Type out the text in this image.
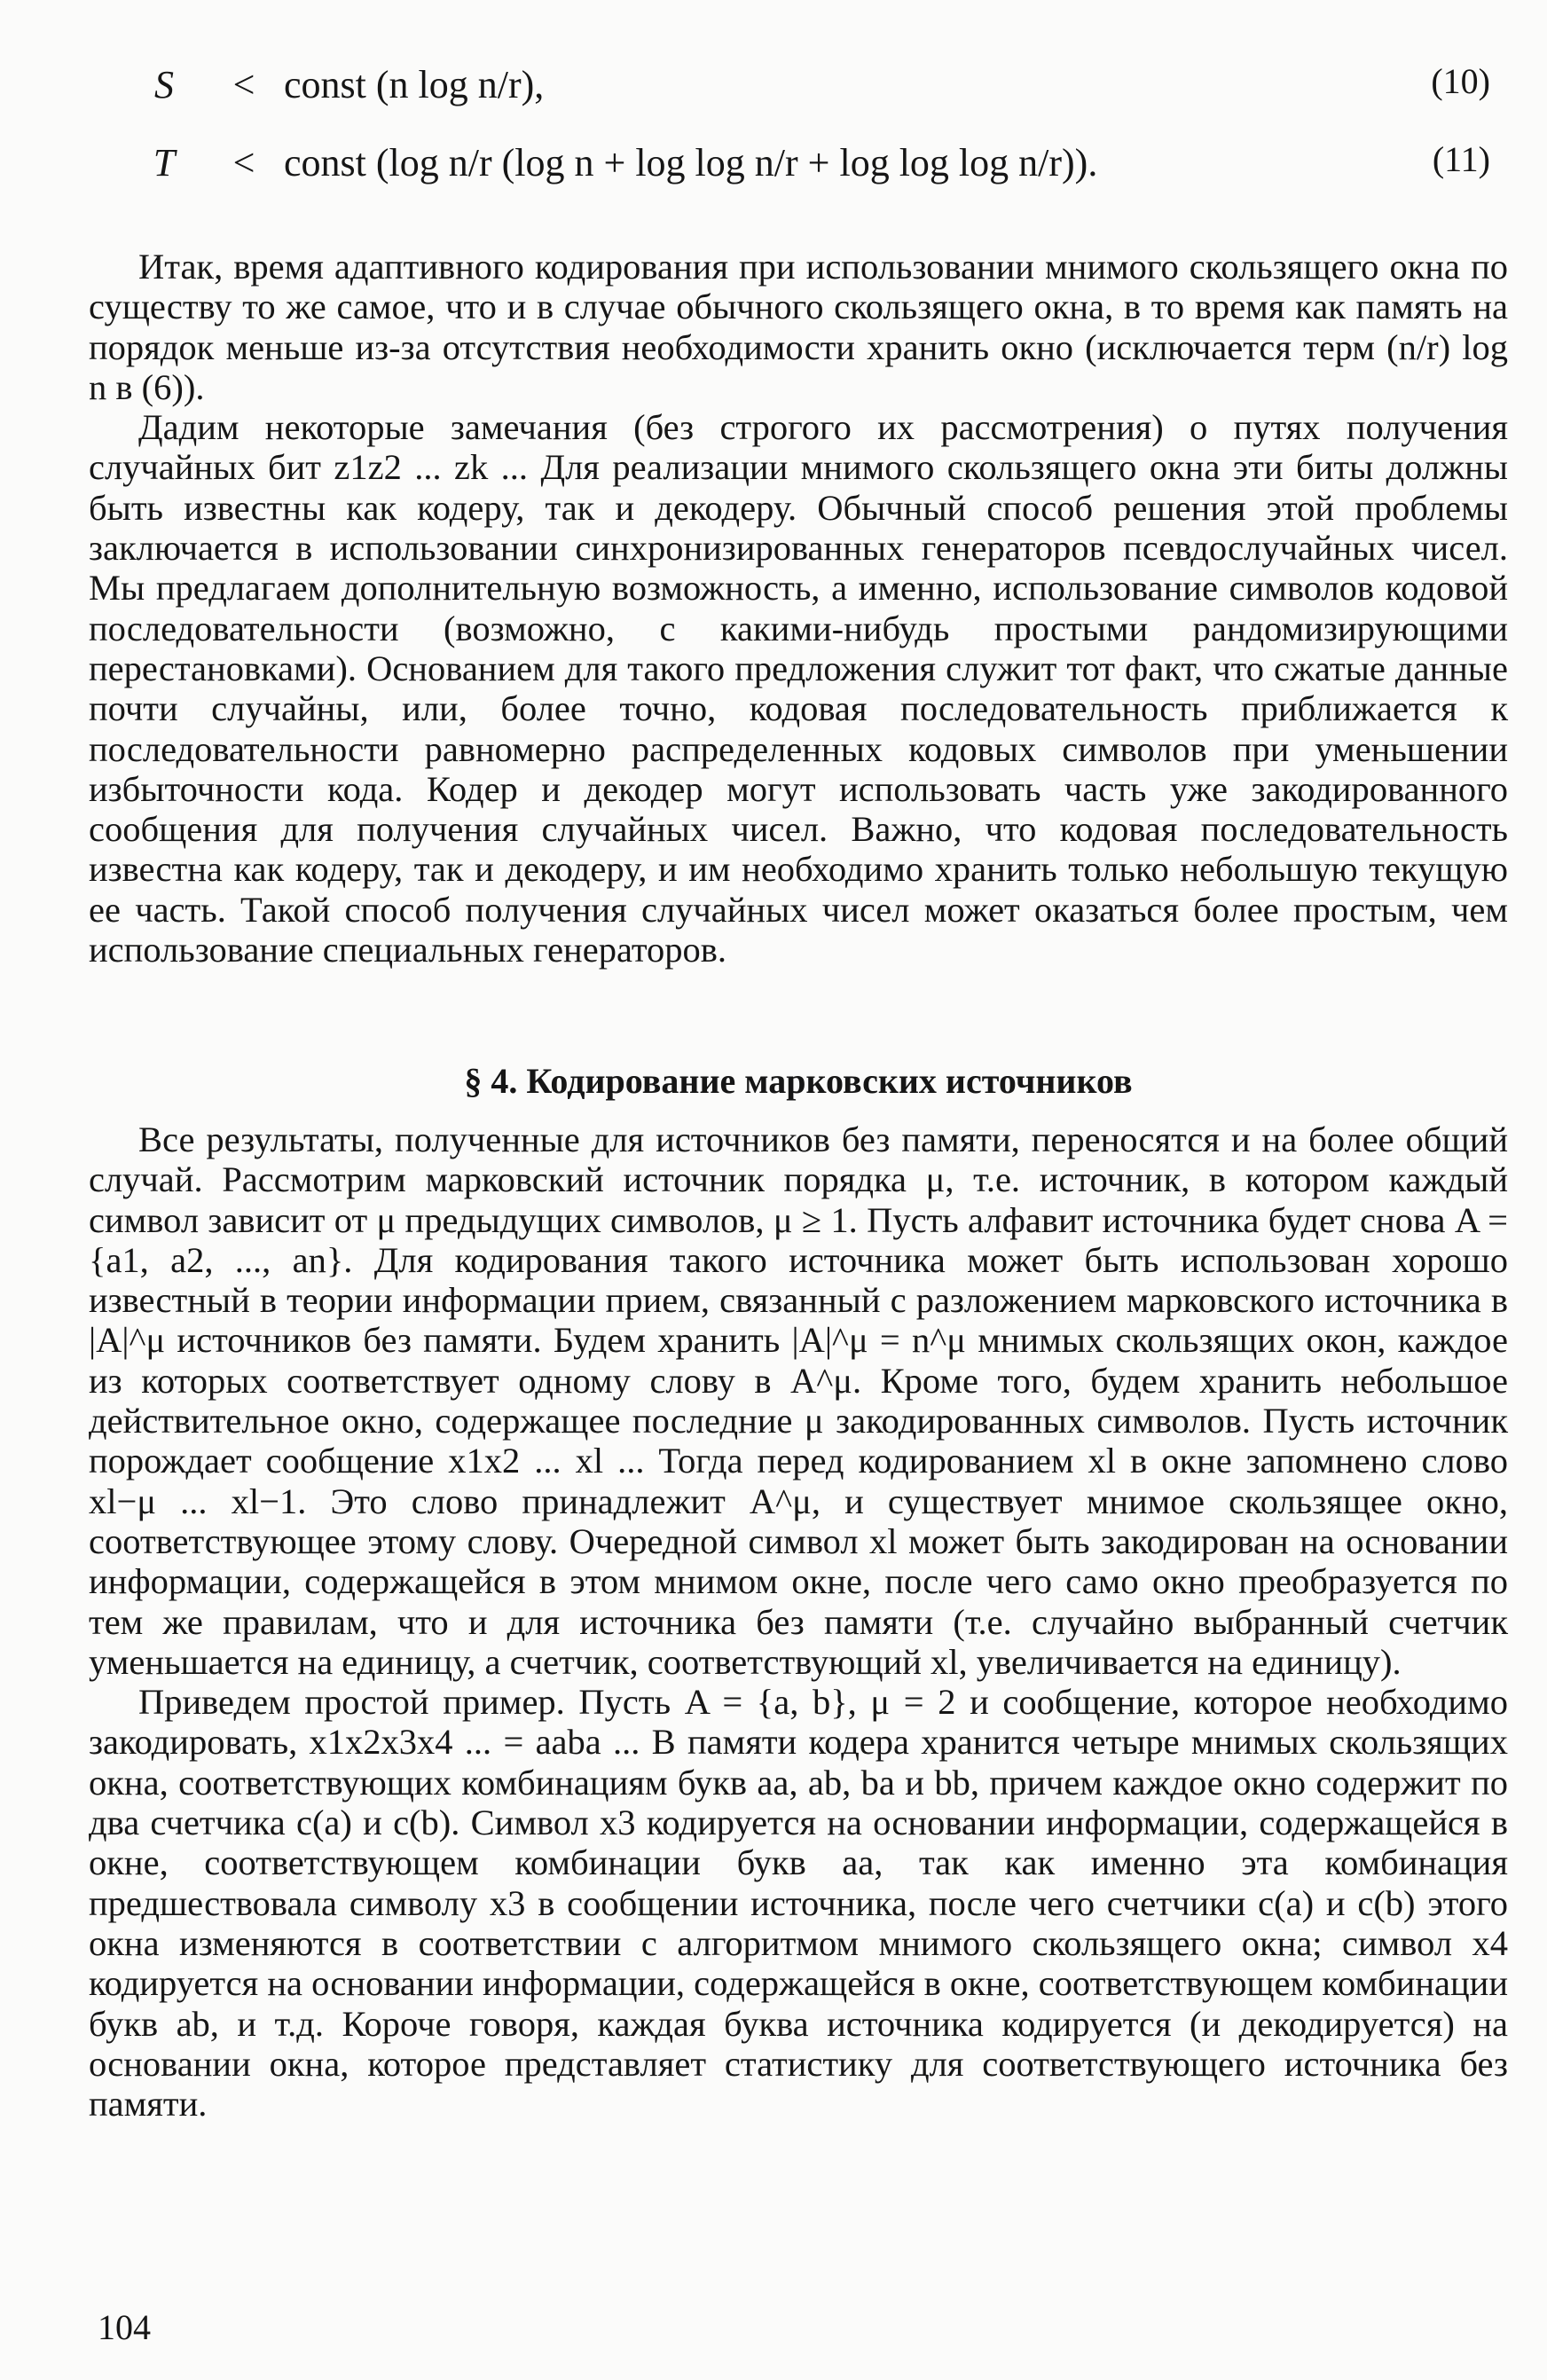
S	< const (n log n/r),	(10)
T	< const (log n/r (log n + log log n/r + log log log n/r)).	(11)

Итак, время адаптивного кодирования при использовании мнимого скользящего окна по существу то же самое, что и в случае обычного скользящего окна, в то время как память на порядок меньше из-за отсутствия необходимости хранить окно (исключается терм (n/r) log n в (6)).

Дадим некоторые замечания (без строгого их рассмотрения) о путях получения случайных бит z1z2 ... zk ... Для реализации мнимого скользящего окна эти биты должны быть известны как кодеру, так и декодеру. Обычный способ решения этой проблемы заключается в использовании синхронизированных генераторов псевдослучайных чисел. Мы предлагаем дополнительную возможность, а именно, использование символов кодовой последовательности (возможно, с какими-нибудь простыми рандомизирующими перестановками). Основанием для такого предложения служит тот факт, что сжатые данные почти случайны, или, более точно, кодовая последовательность приближается к последовательности равномерно распределенных кодовых символов при уменьшении избыточности кода. Кодер и декодер могут использовать часть уже закодированного сообщения для получения случайных чисел. Важно, что кодовая последовательность известна как кодеру, так и декодеру, и им необходимо хранить только небольшую текущую ее часть. Такой способ получения случайных чисел может оказаться более простым, чем использование специальных генераторов.

§ 4. Кодирование марковских источников

Все результаты, полученные для источников без памяти, переносятся и на более общий случай. Рассмотрим марковский источник порядка μ, т.е. источник, в котором каждый символ зависит от μ предыдущих символов, μ ≥ 1. Пусть алфавит источника будет снова A = {a1, a2, ..., an}. Для кодирования такого источника может быть использован хорошо известный в теории информации прием, связанный с разложением марковского источника в |A|^μ источников без памяти. Будем хранить |A|^μ = n^μ мнимых скользящих окон, каждое из которых соответствует одному слову в A^μ. Кроме того, будем хранить небольшое действительное окно, содержащее последние μ закодированных символов. Пусть источник порождает сообщение x1x2 ... xl ... Тогда перед кодированием xl в окне запомнено слово xl−μ ... xl−1. Это слово принадлежит A^μ, и существует мнимое скользящее окно, соответствующее этому слову. Очередной символ xl может быть закодирован на основании информации, содержащейся в этом мнимом окне, после чего само окно преобразуется по тем же правилам, что и для источника без памяти (т.е. случайно выбранный счетчик уменьшается на единицу, а счетчик, соответствующий xl, увеличивается на единицу).

Приведем простой пример. Пусть A = {a, b}, μ = 2 и сообщение, которое необходимо закодировать, x1x2x3x4 ... = aaba ... В памяти кодера хранится четыре мнимых скользящих окна, соответствующих комбинациям букв aa, ab, ba и bb, причем каждое окно содержит по два счетчика c(a) и c(b). Символ x3 кодируется на основании информации, содержащейся в окне, соответствующем комбинации букв aa, так как именно эта комбинация предшествовала символу x3 в сообщении источника, после чего счетчики c(a) и c(b) этого окна изменяются в соответствии с алгоритмом мнимого скользящего окна; символ x4 кодируется на основании информации, содержащейся в окне, соответствующем комбинации букв ab, и т.д. Короче говоря, каждая буква источника кодируется (и декодируется) на основании окна, которое представляет статистику для соответствующего источника без памяти.

104
